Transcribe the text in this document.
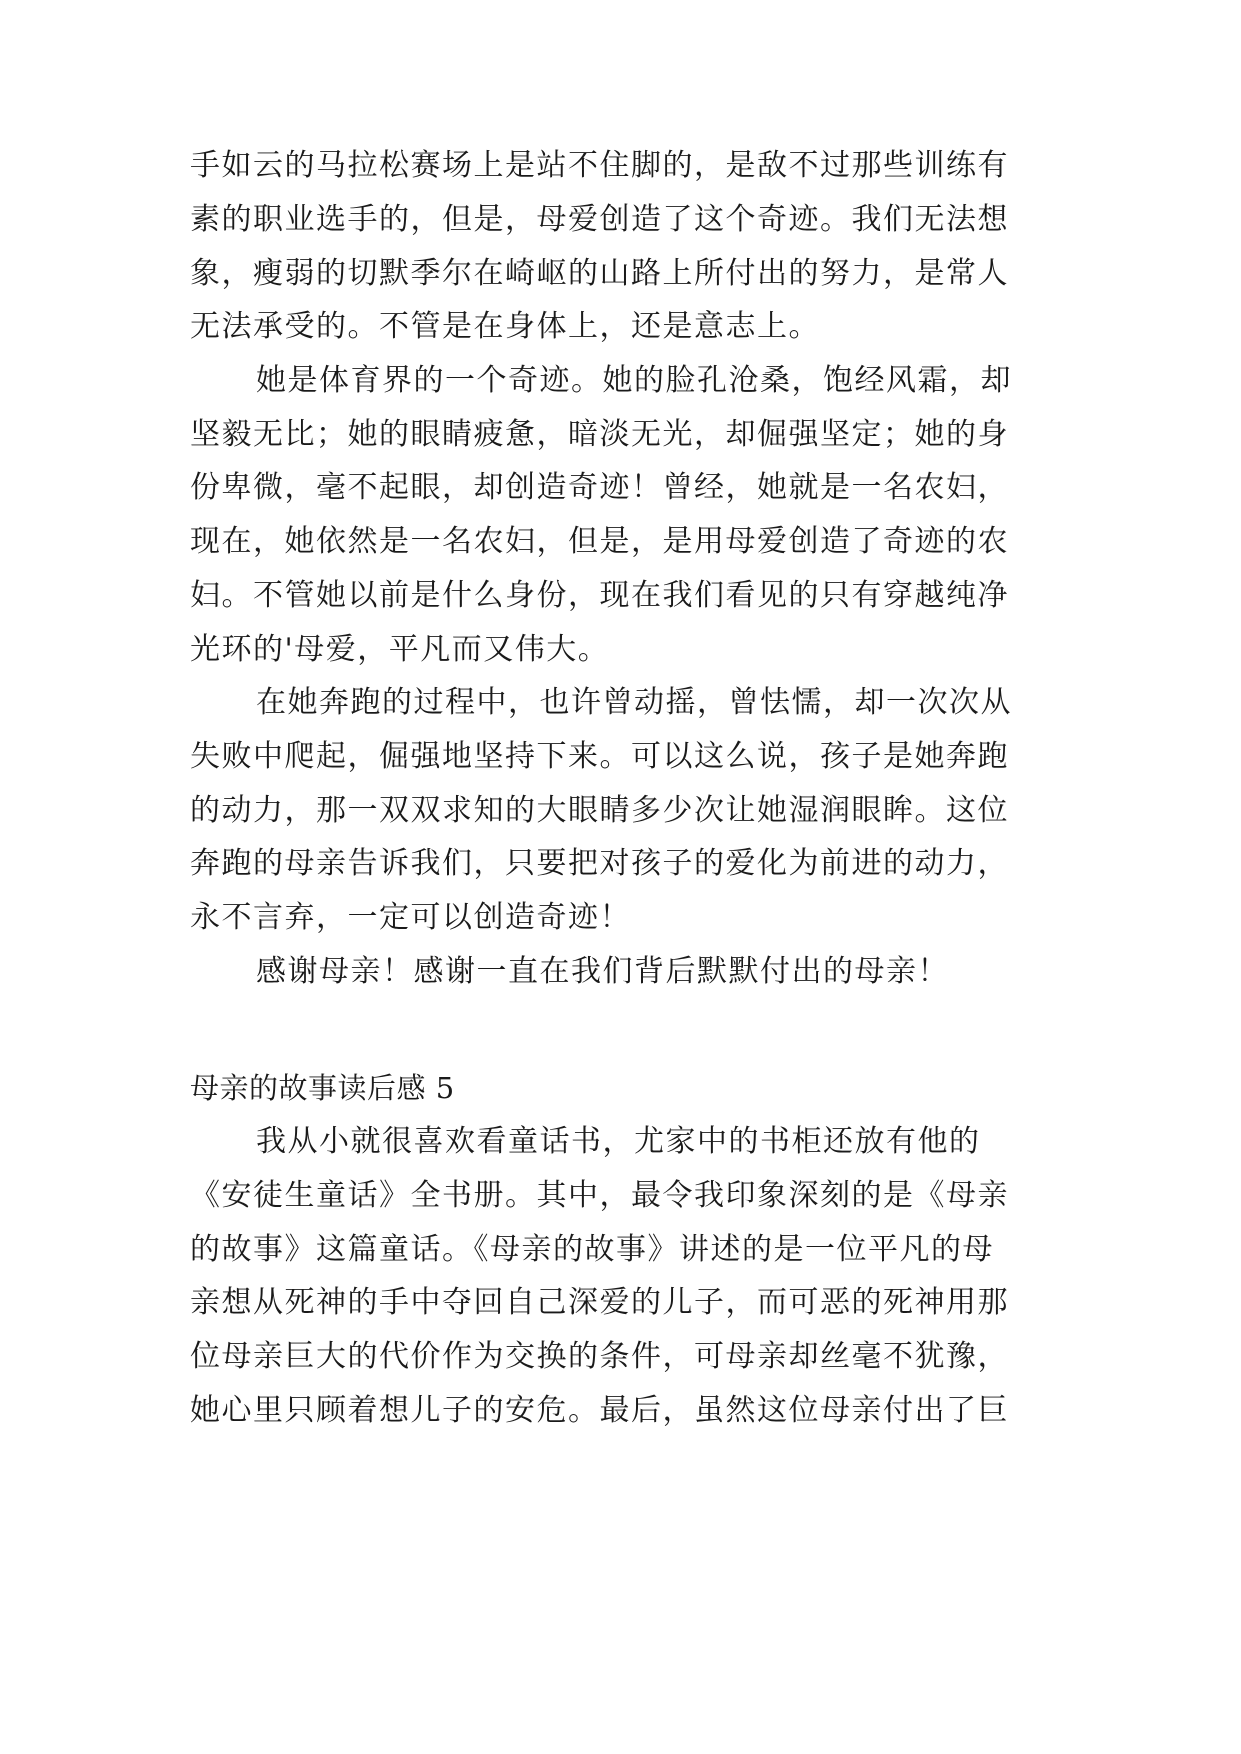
手如云的马拉松赛场上是站不住脚的，是敌不过那些训练有
素的职业选手的，但是，母爱创造了这个奇迹。我们无法想
象，瘦弱的切默季尔在崎岖的山路上所付出的努力，是常人
无法承受的。不管是在身体上，还是意志上。
她是体育界的一个奇迹。她的脸孔沧桑，饱经风霜，却
坚毅无比；她的眼睛疲惫，暗淡无光，却倔强坚定；她的身
份卑微，毫不起眼，却创造奇迹！曾经，她就是一名农妇，
现在，她依然是一名农妇，但是，是用母爱创造了奇迹的农
妇。不管她以前是什么身份，现在我们看见的只有穿越纯净
光环的'母爱，平凡而又伟大。
在她奔跑的过程中，也许曾动摇，曾怯懦，却一次次从
失败中爬起，倔强地坚持下来。可以这么说，孩子是她奔跑
的动力，那一双双求知的大眼睛多少次让她湿润眼眸。这位
奔跑的母亲告诉我们，只要把对孩子的爱化为前进的动力，
永不言弃，一定可以创造奇迹！
感谢母亲！感谢一直在我们背后默默付出的母亲！
母亲的故事读后感 5
我从小就很喜欢看童话书，尤家中的书柜还放有他的
《安徒生童话》全书册。其中，最令我印象深刻的是《母亲
的故事》这篇童话。《母亲的故事》讲述的是一位平凡的母
亲想从死神的手中夺回自己深爱的儿子，而可恶的死神用那
位母亲巨大的代价作为交换的条件，可母亲却丝毫不犹豫，
她心里只顾着想儿子的安危。最后，虽然这位母亲付出了巨
